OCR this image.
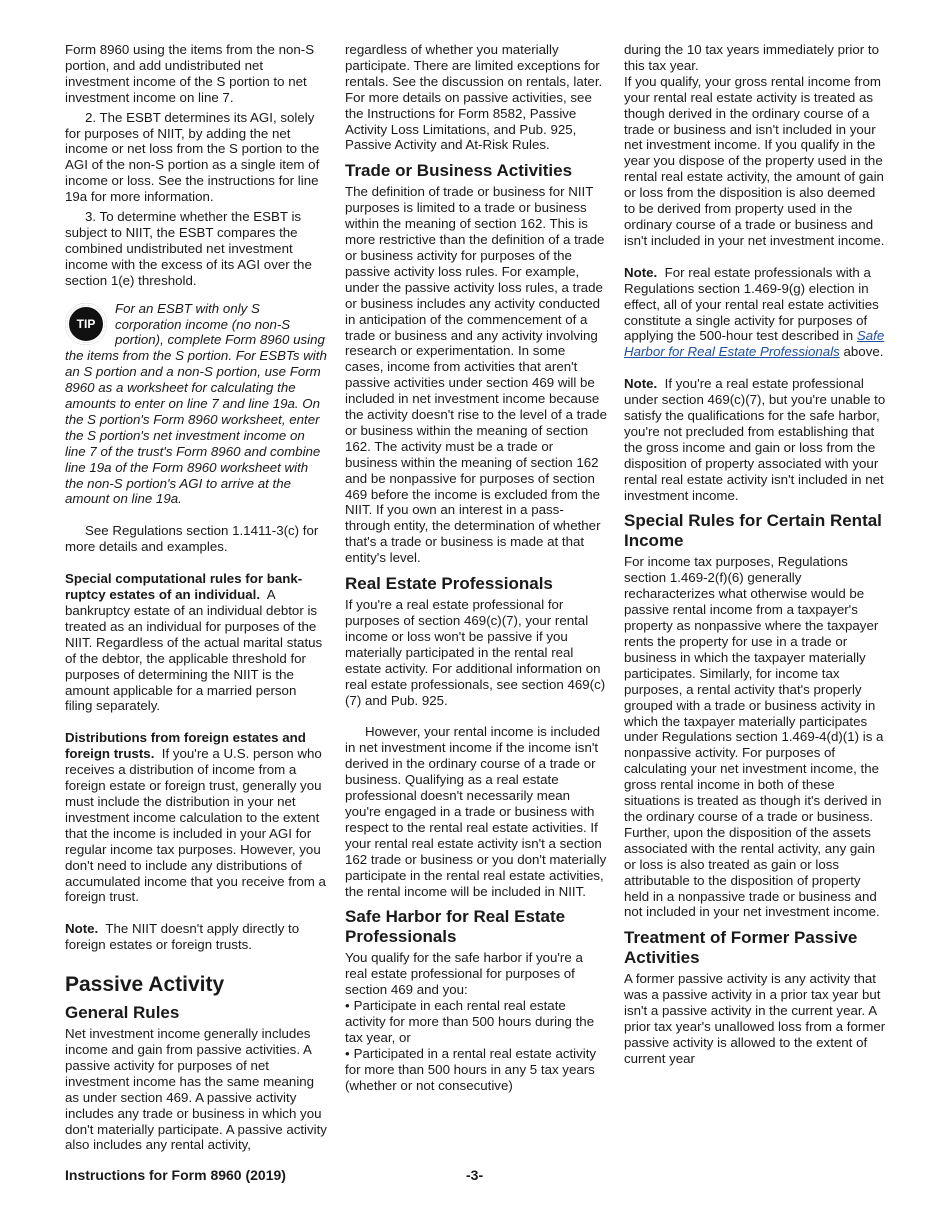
Form 8960 using the items from the non-S portion, and add undistributed net investment income of the S portion to net investment income on line 7.

2. The ESBT determines its AGI, solely for purposes of NIIT, by adding the net income or net loss from the S portion to the AGI of the non-S portion as a single item of income or loss. See the instructions for line 19a for more information.

3. To determine whether the ESBT is subject to NIIT, the ESBT compares the combined undistributed net investment income with the excess of its AGI over the section 1(e) threshold.

TIP
For an ESBT with only S corporation income (no non-S portion), complete Form 8960 using the items from the S portion. For ESBTs with an S portion and a non-S portion, use Form 8960 as a worksheet for calculating the amounts to enter on line 7 and line 19a. On the S portion's Form 8960 worksheet, enter the S portion's net investment income on line 7 of the trust's Form 8960 and combine line 19a of the Form 8960 worksheet with the non-S portion's AGI to arrive at the amount on line 19a.

See Regulations section 1.1411-3(c) for more details and examples.

Special computational rules for bank-ruptcy estates of an individual. A bankruptcy estate of an individual debtor is treated as an individual for purposes of the NIIT. Regardless of the actual marital status of the debtor, the applicable threshold for purposes of determining the NIIT is the amount applicable for a married person filing separately.

Distributions from foreign estates and foreign trusts. If you're a U.S. person who receives a distribution of income from a foreign estate or foreign trust, generally you must include the distribution in your net investment income calculation to the extent that the income is included in your AGI for regular income tax purposes. However, you don't need to include any distributions of accumulated income that you receive from a foreign trust.

Note. The NIIT doesn't apply directly to foreign estates or foreign trusts.

Passive Activity
General Rules

Net investment income generally includes income and gain from passive activities. A passive activity for purposes of net investment income has the same meaning as under section 469. A passive activity includes any trade or business in which you don't materially participate. A passive activity also includes any rental activity,

regardless of whether you materially participate. There are limited exceptions for rentals. See the discussion on rentals, later. For more details on passive activities, see the Instructions for Form 8582, Passive Activity Loss Limitations, and Pub. 925, Passive Activity and At-Risk Rules.

Trade or Business Activities

The definition of trade or business for NIIT purposes is limited to a trade or business within the meaning of section 162. This is more restrictive than the definition of a trade or business activity for purposes of the passive activity loss rules. For example, under the passive activity loss rules, a trade or business includes any activity conducted in anticipation of the commencement of a trade or business and any activity involving research or experimentation. In some cases, income from activities that aren't passive activities under section 469 will be included in net investment income because the activity doesn't rise to the level of a trade or business within the meaning of section 162. The activity must be a trade or business within the meaning of section 162 and be nonpassive for purposes of section 469 before the income is excluded from the NIIT. If you own an interest in a pass-through entity, the determination of whether that's a trade or business is made at that entity's level.

Real Estate Professionals

If you're a real estate professional for purposes of section 469(c)(7), your rental income or loss won't be passive if you materially participated in the rental real estate activity. For additional information on real estate professionals, see section 469(c)(7) and Pub. 925.

However, your rental income is included in net investment income if the income isn't derived in the ordinary course of a trade or business. Qualifying as a real estate professional doesn't necessarily mean you're engaged in a trade or business with respect to the rental real estate activities. If your rental real estate activity isn't a section 162 trade or business or you don't materially participate in the rental real estate activities, the rental income will be included in NIIT.

Safe Harbor for Real Estate Professionals

You qualify for the safe harbor if you're a real estate professional for purposes of section 469 and you:

• Participate in each rental real estate activity for more than 500 hours during the tax year, or
• Participated in a rental real estate activity for more than 500 hours in any 5 tax years (whether or not consecutive)

during the 10 tax years immediately prior to this tax year.

If you qualify, your gross rental income from your rental real estate activity is treated as though derived in the ordinary course of a trade or business and isn't included in your net investment income. If you qualify in the year you dispose of the property used in the rental real estate activity, the amount of gain or loss from the disposition is also deemed to be derived from property used in the ordinary course of a trade or business and isn't included in your net investment income.

Note. For real estate professionals with a Regulations section 1.469-9(g) election in effect, all of your rental real estate activities constitute a single activity for purposes of applying the 500-hour test described in Safe Harbor for Real Estate Professionals above.

Note. If you're a real estate professional under section 469(c)(7), but you're unable to satisfy the qualifications for the safe harbor, you're not precluded from establishing that the gross income and gain or loss from the disposition of property associated with your rental real estate activity isn't included in net investment income.

Special Rules for Certain Rental Income

For income tax purposes, Regulations section 1.469-2(f)(6) generally recharacterizes what otherwise would be passive rental income from a taxpayer's property as nonpassive where the taxpayer rents the property for use in a trade or business in which the taxpayer materially participates. Similarly, for income tax purposes, a rental activity that's properly grouped with a trade or business activity in which the taxpayer materially participates under Regulations section 1.469-4(d)(1) is a nonpassive activity. For purposes of calculating your net investment income, the gross rental income in both of these situations is treated as though it's derived in the ordinary course of a trade or business. Further, upon the disposition of the assets associated with the rental activity, any gain or loss is also treated as gain or loss attributable to the disposition of property held in a nonpassive trade or business and not included in your net investment income.

Treatment of Former Passive Activities

A former passive activity is any activity that was a passive activity in a prior tax year but isn't a passive activity in the current year. A prior tax year's unallowed loss from a former passive activity is allowed to the extent of current year

Instructions for Form 8960 (2019)	-3-
